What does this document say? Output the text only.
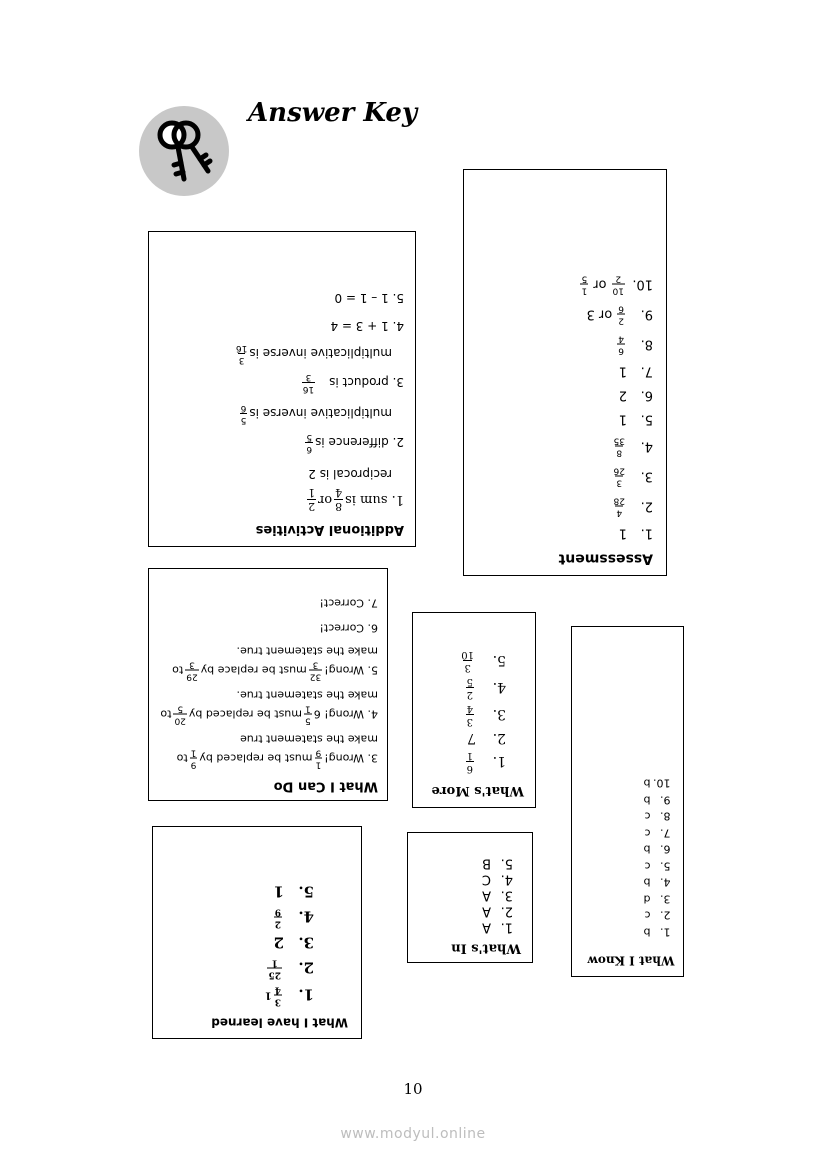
Answer Key
Assessment
1.
1
2.
4
28
3.
3
26
4.
8
35
5.
1
6.
2
7.
1
8.
6
4
9.
2
6
or 3
10.
10
2
or
1
5
Additional Activities
1. sum is
8
4
or
2
1
reciprocal is 2
2. difference is
6
5
multiplicative inverse is
5
6
3. product is
16
3
multiplicative inverse is
3
16
4. 1 + 3 = 4
5. 1 – 1 = 0
What I Can Do
3. Wrong!
1
9
must be replaced by
9
1
to
make the statement true
4. Wrong! 6
5
1
must be replaced by
20
5
to
make the statement true.
5. Wrong!
32
3
must be replace by
29
3
to
make the statement true.
6. Correct!
7. Correct!
What's More
1.
6
1
2.
7
3.
3
4
4.
2
5
5.
3
10
What I Know
1.
b
2.
c
3.
d
4.
b
5.
c
6.
b
7.
c
8.
c
9.
b
10.
b
What's In
1.
A
2.
A
3.
A
4.
C
5.
B
What I have learned
1.
3
4
1
2.
25
1
3.
2
4.
2
9
5.
1
10
www.modyul.online
